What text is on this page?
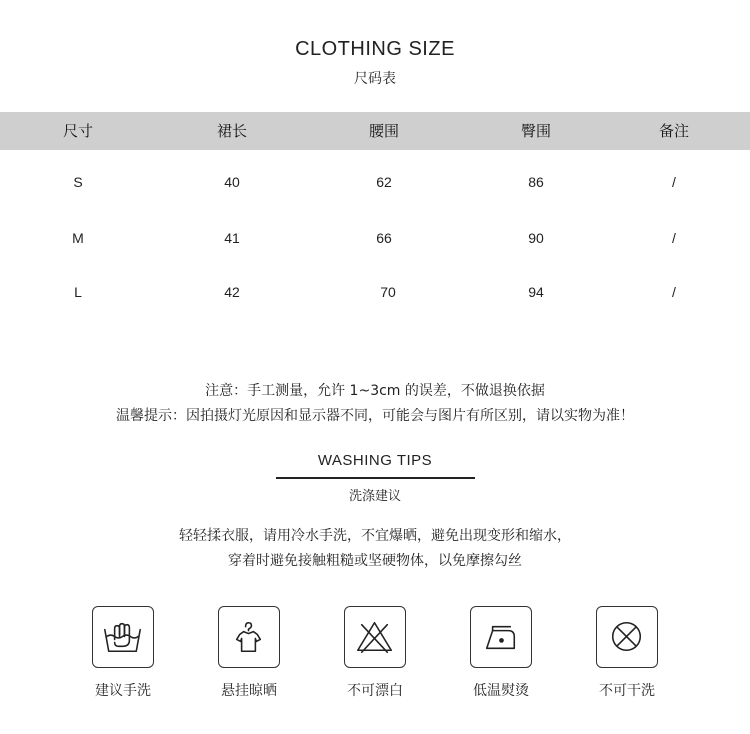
CLOTHING SIZE
尺码表
尺寸	裙长	腰围	臀围	备注
S	40	62	86	/
M	41	66	90	/
L	42	70	94	/
注意：手工测量，允许 1~3cm 的误差，不做退换依据
温馨提示：因拍摄灯光原因和显示器不同，可能会与图片有所区别，请以实物为准！
WASHING TIPS
洗涤建议
轻轻揉衣服，请用冷水手洗，不宜爆晒，避免出现变形和缩水，
穿着时避免接触粗糙或坚硬物体，以免摩擦勾丝
建议手洗	悬挂晾晒	不可漂白	低温熨烫	不可干洗
